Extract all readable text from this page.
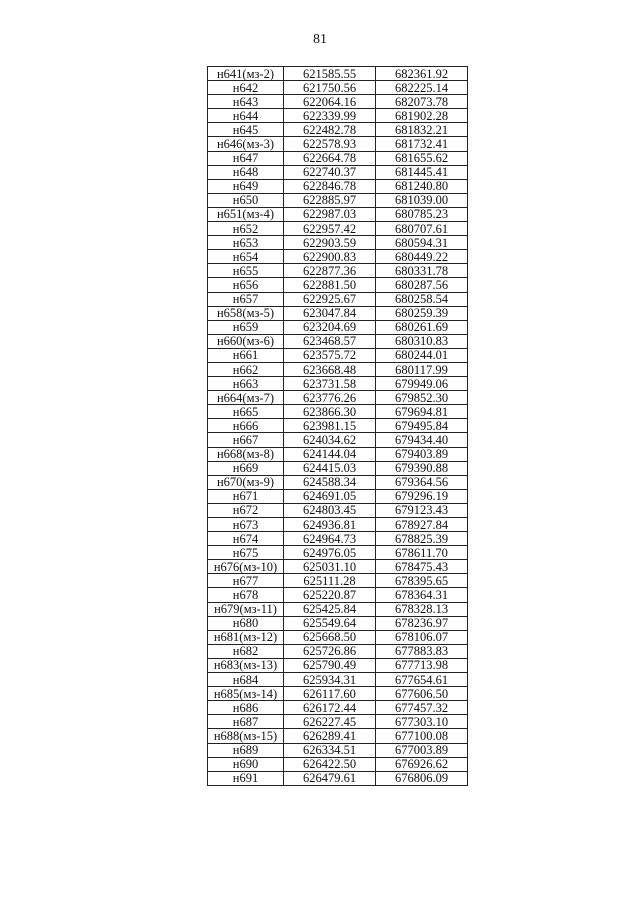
81
н641(мз-2)	621585.55	682361.92
н642	621750.56	682225.14
н643	622064.16	682073.78
н644	622339.99	681902.28
н645	622482.78	681832.21
н646(мз-3)	622578.93	681732.41
н647	622664.78	681655.62
н648	622740.37	681445.41
н649	622846.78	681240.80
н650	622885.97	681039.00
н651(мз-4)	622987.03	680785.23
н652	622957.42	680707.61
н653	622903.59	680594.31
н654	622900.83	680449.22
н655	622877.36	680331.78
н656	622881.50	680287.56
н657	622925.67	680258.54
н658(мз-5)	623047.84	680259.39
н659	623204.69	680261.69
н660(мз-6)	623468.57	680310.83
н661	623575.72	680244.01
н662	623668.48	680117.99
н663	623731.58	679949.06
н664(мз-7)	623776.26	679852.30
н665	623866.30	679694.81
н666	623981.15	679495.84
н667	624034.62	679434.40
н668(мз-8)	624144.04	679403.89
н669	624415.03	679390.88
н670(мз-9)	624588.34	679364.56
н671	624691.05	679296.19
н672	624803.45	679123.43
н673	624936.81	678927.84
н674	624964.73	678825.39
н675	624976.05	678611.70
н676(мз-10)	625031.10	678475.43
н677	625111.28	678395.65
н678	625220.87	678364.31
н679(мз-11)	625425.84	678328.13
н680	625549.64	678236.97
н681(мз-12)	625668.50	678106.07
н682	625726.86	677883.83
н683(мз-13)	625790.49	677713.98
н684	625934.31	677654.61
н685(мз-14)	626117.60	677606.50
н686	626172.44	677457.32
н687	626227.45	677303.10
н688(мз-15)	626289.41	677100.08
н689	626334.51	677003.89
н690	626422.50	676926.62
н691	626479.61	676806.09
